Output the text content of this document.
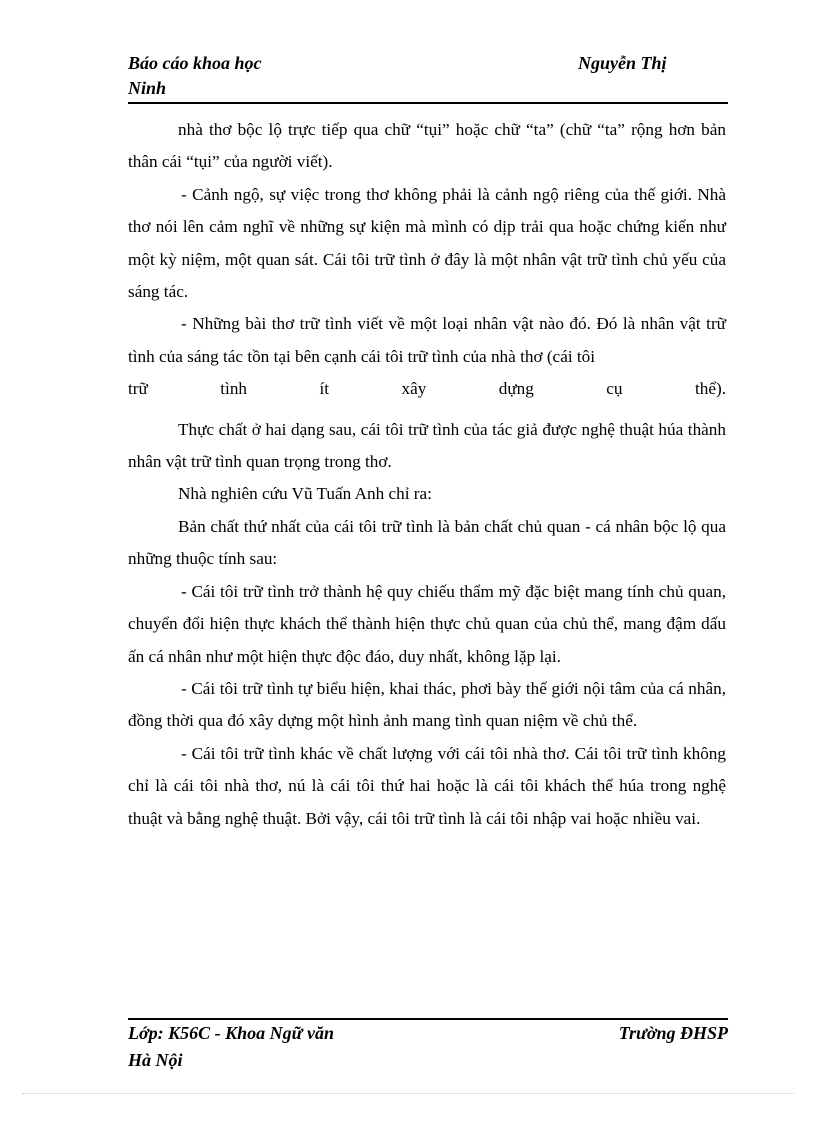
Báo cáo khoa học	Nguyễn Thị
Ninh

nhà thơ bộc lộ trực tiếp qua chữ “tụi” hoặc chữ “ta” (chữ “ta” rộng hơn bản thân cái “tụi” của người viết).

- Cảnh ngộ, sự việc trong thơ không phải là cảnh ngộ riêng của thế giới. Nhà thơ nói lên cảm nghĩ về những sự kiện mà mình có dịp trải qua hoặc chứng kiến như một kỳ niệm, một quan sát. Cái tôi trữ tình ở đây là một nhân vật trữ tình chủ yếu của sáng tác.

- Những bài thơ trữ tình viết về một loại nhân vật nào đó. Đó là nhân vật trữ tình của sáng tác tồn tại bên cạnh cái tôi trữ tình của nhà thơ (cái tôi

trữ tình ít xây dựng cụ thể).

Thực chất ở hai dạng sau, cái tôi trữ tình của tác giả được nghệ thuật húa thành nhân vật trữ tình quan trọng trong thơ.

Nhà nghiên cứu Vũ Tuấn Anh chỉ ra:

Bản chất thứ nhất của cái tôi trữ tình là bản chất chủ quan - cá nhân bộc lộ qua những thuộc tính sau:

- Cái tôi trữ tình trở thành hệ quy chiếu thẩm mỹ đặc biệt mang tính chủ quan, chuyển đổi hiện thực khách thể thành hiện thực chủ quan của chủ thể, mang đậm dấu ấn cá nhân như một hiện thực độc đáo, duy nhất, không lặp lại.

- Cái tôi trữ tình tự biểu hiện, khai thác, phơi bày thế giới nội tâm của cá nhân, đồng thời qua đó xây dựng một hình ảnh mang tình quan niệm về chủ thể.

- Cái tôi trữ tình khác về chất lượng với cái tôi nhà thơ. Cái tôi trữ tình không chỉ là cái tôi nhà thơ, nú là cái tôi thứ hai hoặc là cái tôi khách thể húa trong nghệ thuật và bằng nghệ thuật. Bởi vậy, cái tôi trữ tình là cái tôi nhập vai hoặc nhiều vai.

Lớp: K56C - Khoa Ngữ văn	Trường ĐHSP
Hà Nội
